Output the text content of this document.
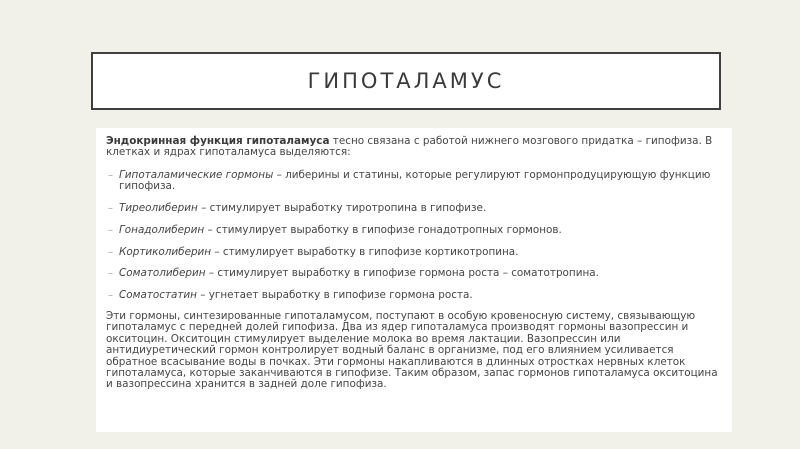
ГИПОТАЛАМУС

Эндокринная функция гипоталамуса тесно связана с работой нижнего мозгового придатка – гипофиза. В клетках и ядрах гипоталамуса выделяются:

– Гипоталамические гормоны – либерины и статины, которые регулируют гормонпродуцирующую функцию гипофиза.
– Тиреолиберин – стимулирует выработку тиротропина в гипофизе.
– Гонадолиберин – стимулирует выработку в гипофизе гонадотропных гормонов.
– Кортиколиберин – стимулирует выработку в гипофизе кортикотропина.
– Соматолиберин – стимулирует выработку в гипофизе гормона роста – соматотропина.
– Соматостатин – угнетает выработку в гипофизе гормона роста.

Эти гормоны, синтезированные гипоталамусом, поступают в особую кровеносную систему, связывающую гипоталамус с передней долей гипофиза. Два из ядер гипоталамуса производят гормоны вазопрессин и окситоцин. Окситоцин стимулирует выделение молока во время лактации. Вазопрессин или антидиуретический гормон контролирует водный баланс в организме, под его влиянием усиливается обратное всасывание воды в почках. Эти гормоны накапливаются в длинных отростках нервных клеток гипоталамуса, которые заканчиваются в гипофизе. Таким образом, запас гормонов гипоталамуса окситоцина и вазопрессина хранится в задней доле гипофиза.
